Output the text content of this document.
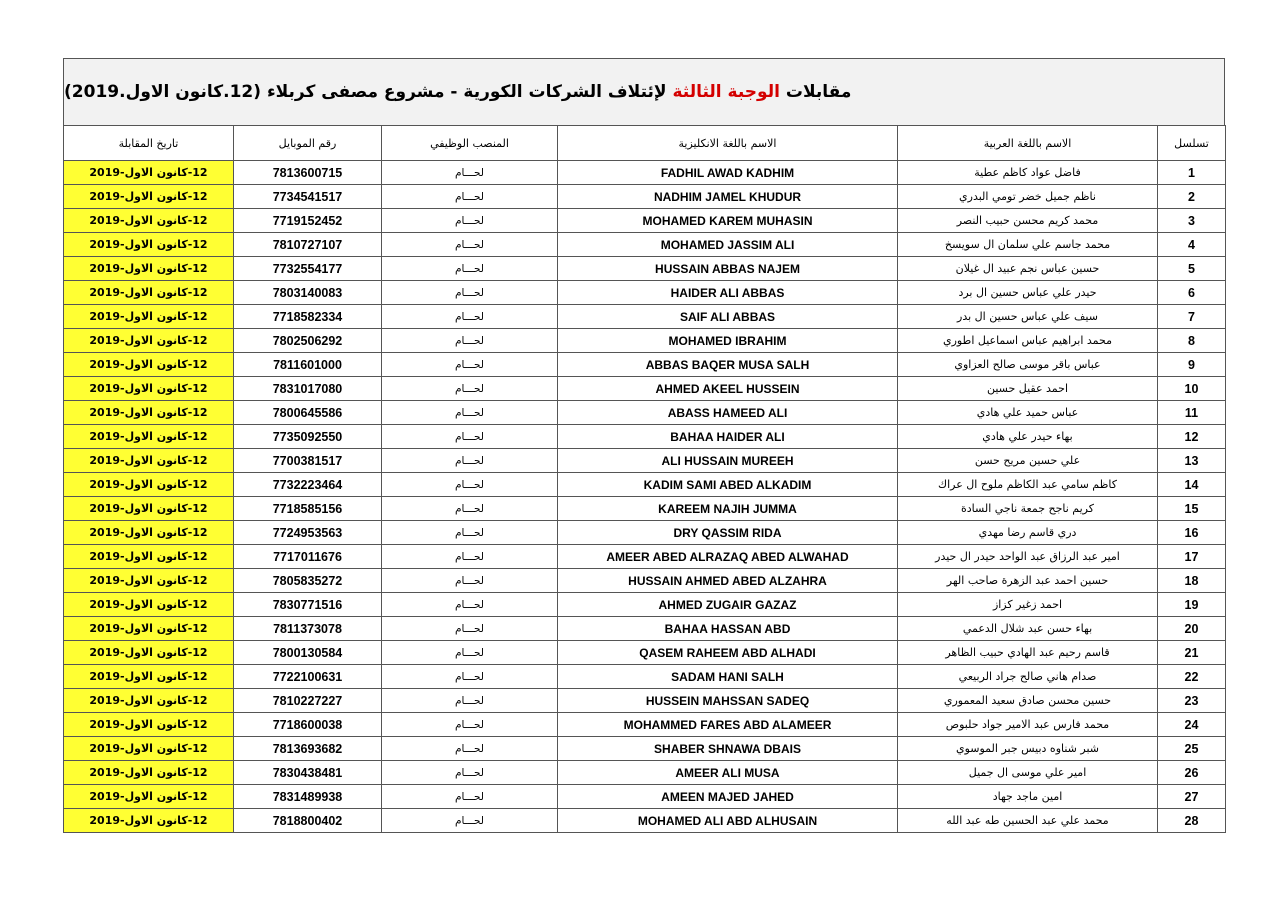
مقابلات الوجبة الثالثة لإئتلاف الشركات الكورية - مشروع مصفى كربلاء (12.كانون الاول.2019)
تسلسل	الاسم باللغة العربية	الاسم باللغة الانكليزية	المنصب الوظيفي	رقم الموبايل	تاريخ المقابلة
1	فاضل عواد كاظم عطية	FADHIL AWAD KADHIM	لحـــام	7813600715	12-كانون الاول-2019
2	ناظم جميل خضر تومي البدري	NADHIM JAMEL KHUDUR	لحـــام	7734541517	12-كانون الاول-2019
3	محمد كريم محسن حبيب النصر	MOHAMED KAREM MUHASIN	لحـــام	7719152452	12-كانون الاول-2019
4	محمد جاسم علي سلمان ال سويسخ	MOHAMED JASSIM ALI	لحـــام	7810727107	12-كانون الاول-2019
5	حسين عباس نجم عبيد ال غيلان	HUSSAIN ABBAS NAJEM	لحـــام	7732554177	12-كانون الاول-2019
6	حيدر علي عباس حسين ال برد	HAIDER ALI ABBAS	لحـــام	7803140083	12-كانون الاول-2019
7	سيف علي عباس حسين ال بدر	SAIF ALI ABBAS	لحـــام	7718582334	12-كانون الاول-2019
8	محمد ابراهيم عباس اسماعيل اطوري	MOHAMED IBRAHIM	لحـــام	7802506292	12-كانون الاول-2019
9	عباس باقر موسى صالح العزاوي	ABBAS BAQER MUSA SALH	لحـــام	7811601000	12-كانون الاول-2019
10	احمد عقيل حسين	AHMED AKEEL HUSSEIN	لحـــام	7831017080	12-كانون الاول-2019
11	عباس حميد علي هادي	ABASS HAMEED ALI	لحـــام	7800645586	12-كانون الاول-2019
12	بهاء حيدر علي هادي	BAHAA HAIDER ALI	لحـــام	7735092550	12-كانون الاول-2019
13	علي حسين مريح حسن	ALI HUSSAIN MUREEH	لحـــام	7700381517	12-كانون الاول-2019
14	كاظم سامي عبد الكاظم ملوح ال عراك	KADIM SAMI ABED ALKADIM	لحـــام	7732223464	12-كانون الاول-2019
15	كريم ناجح جمعة ناجي السادة	KAREEM NAJIH JUMMA	لحـــام	7718585156	12-كانون الاول-2019
16	دري قاسم رضا مهدي	DRY QASSIM RIDA	لحـــام	7724953563	12-كانون الاول-2019
17	امير عبد الرزاق عبد الواحد حيدر ال حيدر	AMEER ABED ALRAZAQ ABED ALWAHAD	لحـــام	7717011676	12-كانون الاول-2019
18	حسين احمد عبد الزهرة صاحب الهر	HUSSAIN AHMED ABED ALZAHRA	لحـــام	7805835272	12-كانون الاول-2019
19	احمد زغير كزاز	AHMED ZUGAIR GAZAZ	لحـــام	7830771516	12-كانون الاول-2019
20	بهاء حسن عبد شلال الدعمي	BAHAA HASSAN ABD	لحـــام	7811373078	12-كانون الاول-2019
21	قاسم رحيم عبد الهادي حبيب الظاهر	QASEM RAHEEM ABD ALHADI	لحـــام	7800130584	12-كانون الاول-2019
22	صدام هاني صالح جراد الربيعي	SADAM HANI SALH	لحـــام	7722100631	12-كانون الاول-2019
23	حسين محسن صادق سعيد المعموري	HUSSEIN MAHSSAN SADEQ	لحـــام	7810227227	12-كانون الاول-2019
24	محمد فارس عبد الامير جواد حلبوص	MOHAMMED FARES ABD ALAMEER	لحـــام	7718600038	12-كانون الاول-2019
25	شبر شناوه دبيس جبر الموسوي	SHABER SHNAWA DBAIS	لحـــام	7813693682	12-كانون الاول-2019
26	امير علي موسى ال جميل	AMEER ALI MUSA	لحـــام	7830438481	12-كانون الاول-2019
27	امين ماجد جهاد	AMEEN MAJED JAHED	لحـــام	7831489938	12-كانون الاول-2019
28	محمد علي عبد الحسين طه عبد الله	MOHAMED ALI ABD ALHUSAIN	لحـــام	7818800402	12-كانون الاول-2019
